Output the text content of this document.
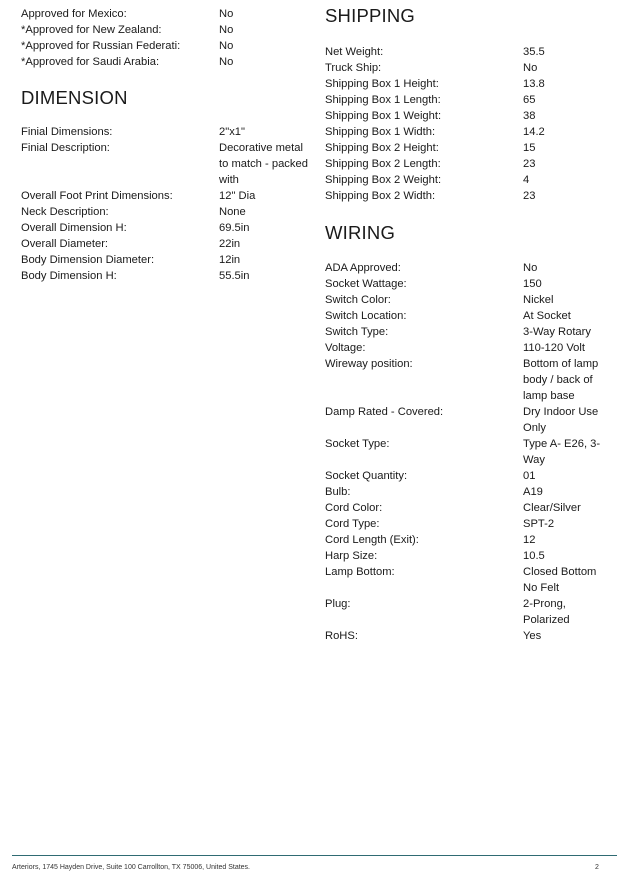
Approved for Mexico:	No
*Approved for New Zealand:	No
*Approved for Russian Federati:	No
*Approved for Saudi Arabia:	No
DIMENSION
Finial Dimensions:	2"x1"
Finial Description:	Decorative metal to match - packed with
Overall Foot Print Dimensions:	12" Dia
Neck Description:	None
Overall Dimension H:	69.5in
Overall Diameter:	22in
Body Dimension Diameter:	12in
Body Dimension H:	55.5in
SHIPPING
Net Weight:	35.5
Truck Ship:	No
Shipping Box 1 Height:	13.8
Shipping Box 1 Length:	65
Shipping Box 1 Weight:	38
Shipping Box 1 Width:	14.2
Shipping Box 2 Height:	15
Shipping Box 2 Length:	23
Shipping Box 2 Weight:	4
Shipping Box 2 Width:	23
WIRING
ADA Approved:	No
Socket Wattage:	150
Switch Color:	Nickel
Switch Location:	At Socket
Switch Type:	3-Way Rotary
Voltage:	110-120 Volt
Wireway position:	Bottom of lamp body / back of lamp base
Damp Rated - Covered:	Dry Indoor Use Only
Socket Type:	Type A- E26, 3-Way
Socket Quantity:	01
Bulb:	A19
Cord Color:	Clear/Silver
Cord Type:	SPT-2
Cord Length (Exit):	12
Harp Size:	10.5
Lamp Bottom:	Closed Bottom No Felt
Plug:	2-Prong, Polarized
RoHS:	Yes
Arteriors, 1745 Hayden Drive, Suite 100 Carrollton, TX 75006, United States.	2
